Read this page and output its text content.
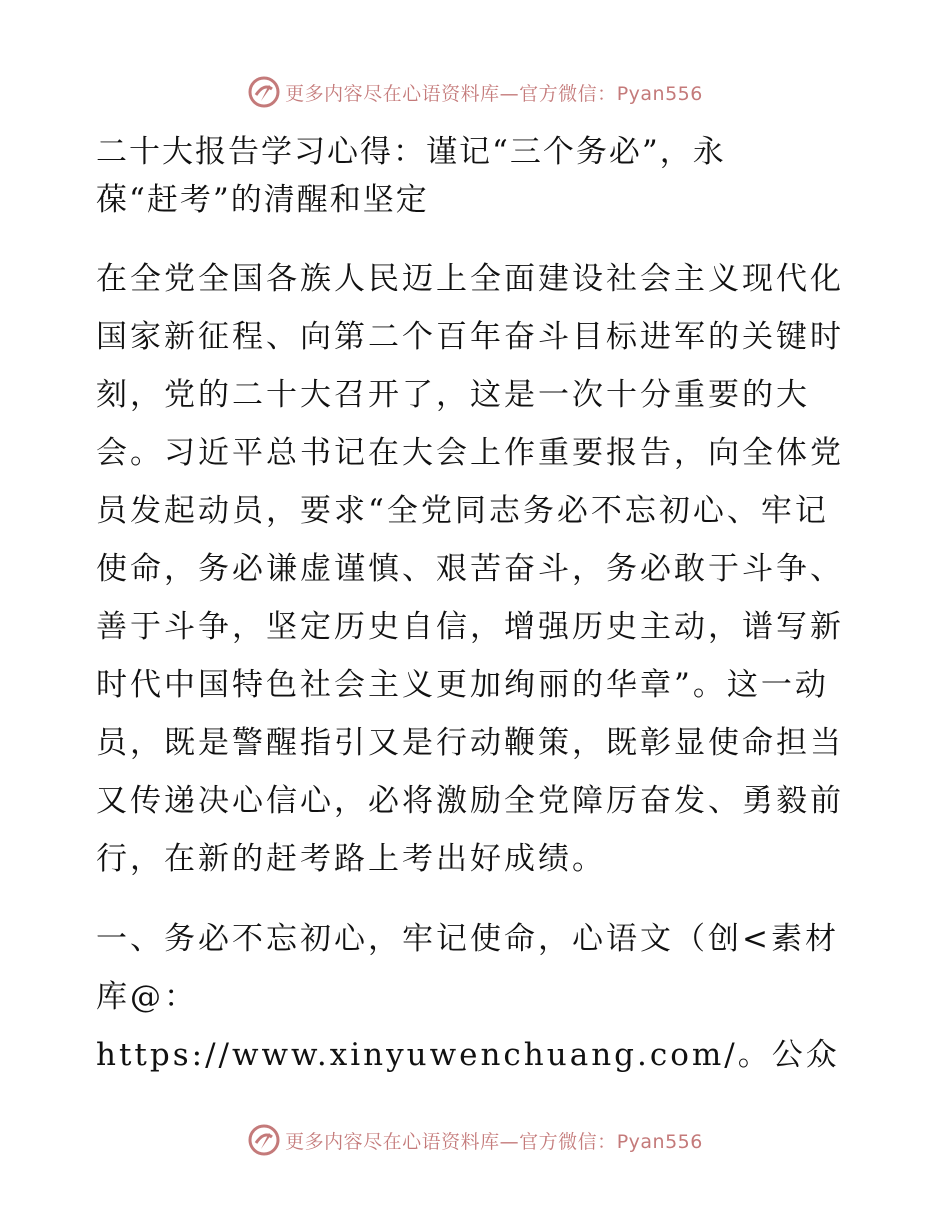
更多内容尽在心语资料库—官方微信：Pyan556
二十大报告学习心得：谨记“三个务必”，永
葆“赶考”的清醒和坚定
在全党全国各族人民迈上全面建设社会主义现代化国家新征程、向第二个百年奋斗目标进军的关键时刻，党的二十大召开了，这是一次十分重要的大会。习近平总书记在大会上作重要报告，向全体党员发起动员，要求“全党同志务必不忘初心、牢记使命，务必谦虚谨慎、艰苦奋斗，务必敢于斗争、善于斗争，坚定历史自信，增强历史主动，谱写新时代中国特色社会主义更加绚丽的华章”。这一动员，既是警醒指引又是行动鞭策，既彰显使命担当又传递决心信心，必将激励全党障厉奋发、勇毅前行，在新的赶考路上考出好成绩。
一、务必不忘初心，牢记使命，心语文（创<素材库@：https://www.xinyuwenchuang.com/。公众
更多内容尽在心语资料库—官方微信：Pyan556
